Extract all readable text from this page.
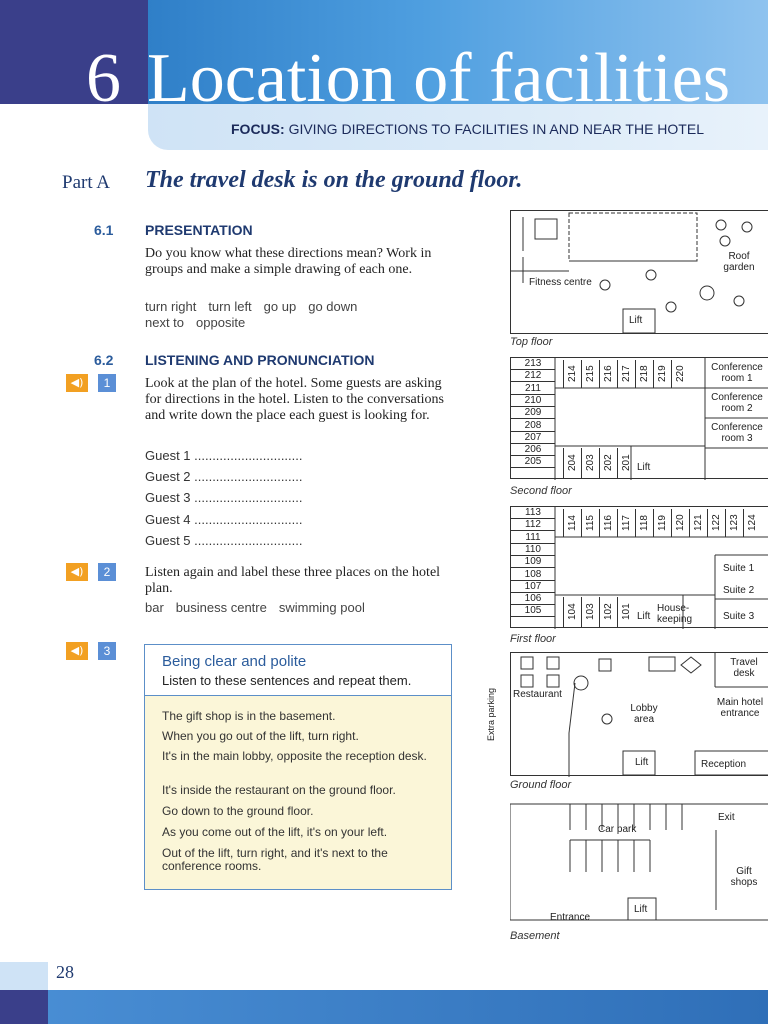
6 Location of facilities
FOCUS: GIVING DIRECTIONS TO FACILITIES IN AND NEAR THE HOTEL
Part A The travel desk is on the ground floor.
6.1 PRESENTATION
Do you know what these directions mean? Work in groups and make a simple drawing of each one.
turn right turn left go up go down
next to opposite
6.2 LISTENING AND PRONUNCIATION
◀)	1	Look at the plan of the hotel. Some guests are asking for directions in the hotel. Listen to the conversations and write down the place each guest is looking for.
Guest 1 ..............................
Guest 2 ..............................
Guest 3 ..............................
Guest 4 ..............................
Guest 5 ..............................
◀)	2	Listen again and label these three places on the hotel plan.
bar business centre swimming pool
◀)	3
Being clear and polite
Listen to these sentences and repeat them.
The gift shop is in the basement.
When you go out of the lift, turn right.
It's in the main lobby, opposite the reception desk.
It's inside the restaurant on the ground floor.
Go down to the ground floor.
As you come out of the lift, it's on your left.
Out of the lift, turn right, and it's next to the conference rooms.
Fitness centre
Roof garden
Lift
Top floor
213
212
211
210
209
208
207
206
205
214 215 216 217 218 219 220
204 203 202 201
Conference room 1
Conference room 2
Conference room 3
Lift
Second floor
113
112
111
110
109
108
107
106
105
114 115 116 117 118 119 120 121 122 123 124
104 103 102 101
Suite 1
Suite 2
Suite 3
Lift
House-keeping
First floor
Restaurant
Lobby area
Travel desk
Main hotel entrance
Reception
Lift
Extra parking
Ground floor
Car park
Exit
Gift shops
Entrance
Lift
Basement
28
